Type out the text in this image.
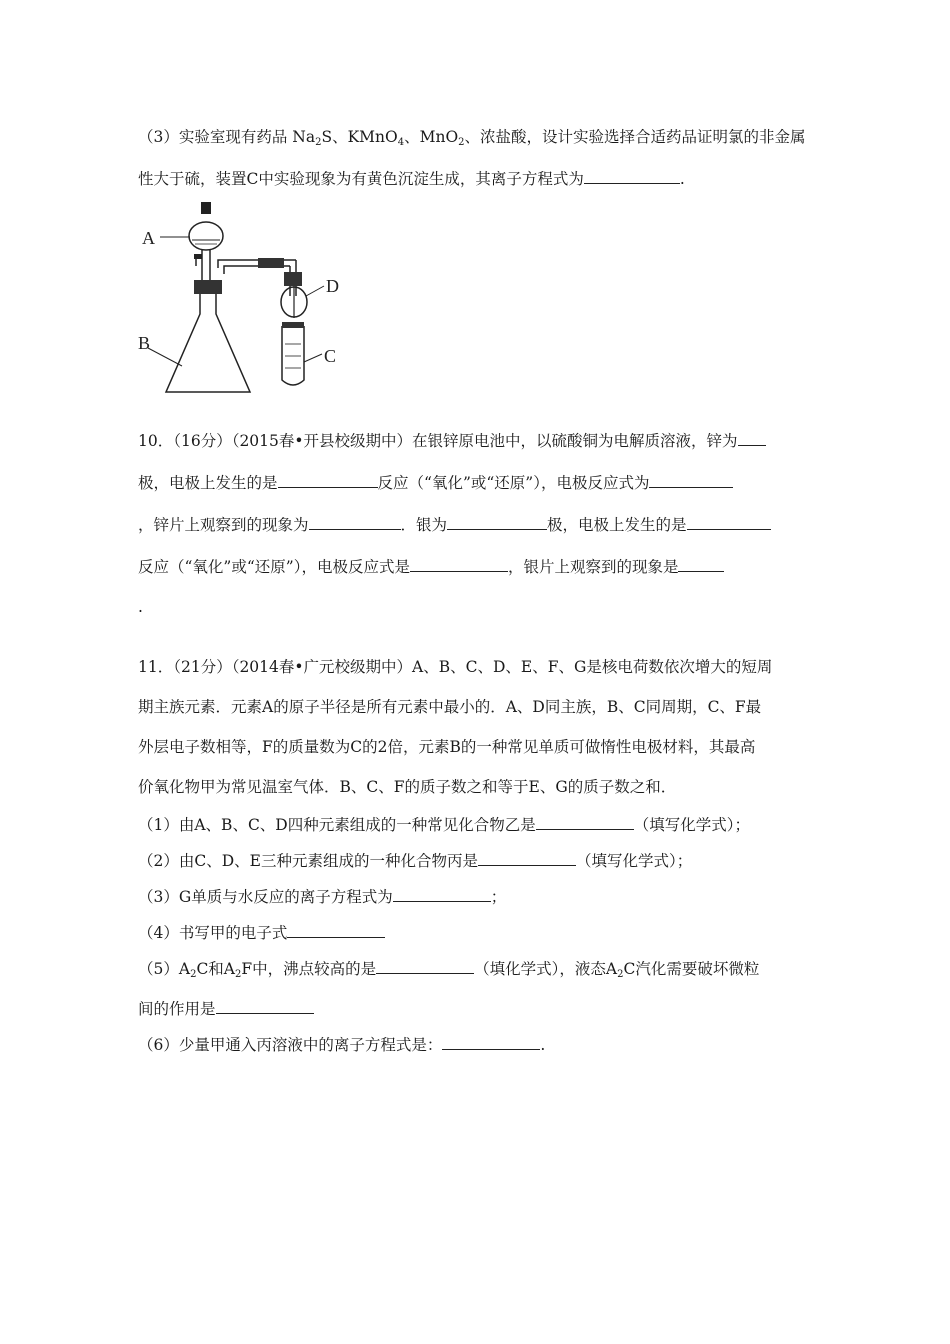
（3）实验室现有药品 $Na_2S$、KMnO$_4$、MnO$_2$、浓盐酸，设计实验选择合适药品证明氯的非金属
性大于硫，装置C中实验现象为有黄色沉淀生成，其离子方程式为	.
A
B
D
C
10．（16分）（2015春•开县校级期中）在银锌原电池中，以硫酸铜为电解质溶液，锌为
极，电极上发生的是	反应（“氧化”或“还原”），电极反应式为
，锌片上观察到的现象为	．银为	极，电极上发生的是
反应（“氧化”或“还原”），电极反应式是	，银片上观察到的现象是
.
11．（21分）（2014春•广元校级期中）A、B、C、D、E、F、G是核电荷数依次增大的短周
期主族元素．元素A的原子半径是所有元素中最小的．A、D同主族，B、C同周期，C、F最
外层电子数相等，F的质量数为C的2倍，元素B的一种常见单质可做惰性电极材料，其最高
价氧化物甲为常见温室气体．B、C、F的质子数之和等于E、G的质子数之和．
（1）由A、B、C、D四种元素组成的一种常见化合物乙是	（填写化学式）；
（2）由C、D、E三种元素组成的一种化合物丙是	（填写化学式）；
（3）G单质与水反应的离子方程式为	；
（4）书写甲的电子式
$(5)A_2C$和$A_2F$中，沸点较高的是	（填化学式），液态$A_2C$汽化需要破坏微粒
间的作用是
（6）少量甲通入丙溶液中的离子方程式是：	.
